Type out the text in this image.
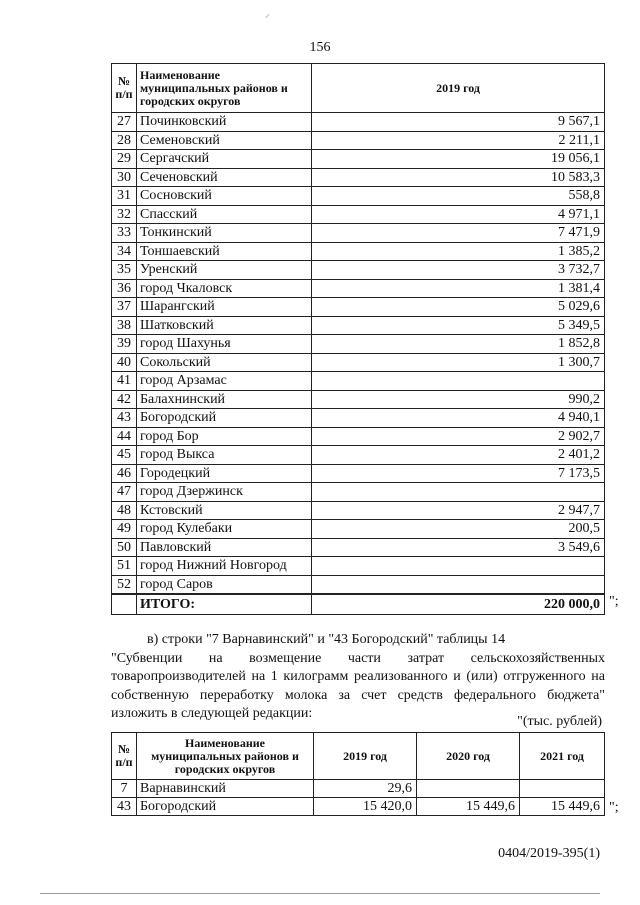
⸝
156
№ п/п	Наименование муниципальных районов и городских округов	2019 год
27	Починковский	9 567,1
28	Семеновский	2 211,1
29	Сергачский	19 056,1
30	Сеченовский	10 583,3
31	Сосновский	558,8
32	Спасский	4 971,1
33	Тонкинский	7 471,9
34	Тоншаевский	1 385,2
35	Уренский	3 732,7
36	город Чкаловск	1 381,4
37	Шарангский	5 029,6
38	Шатковский	5 349,5
39	город Шахунья	1 852,8
40	Сокольский	1 300,7
41	город Арзамас	
42	Балахнинский	990,2
43	Богородский	4 940,1
44	город Бор	2 902,7
45	город Выкса	2 401,2
46	Городецкий	7 173,5
47	город Дзержинск	
48	Кстовский	2 947,7
49	город Кулебаки	200,5
50	Павловский	3 549,6
51	город Нижний Новгород	
52	город Саров	
	ИТОГО:	220 000,0 ";
в) строки "7 Варнавинский" и "43 Богородский" таблицы 14
"Субвенции на возмещение части затрат сельскохозяйственных товаропроизводителей на 1 килограмм реализованного и (или) отгруженного на собственную переработку молока за счет средств федерального бюджета" изложить в следующей редакции:
"(тыс. рублей)
№ п/п	Наименование муниципальных районов и городских округов	2019 год	2020 год	2021 год
7	Варнавинский	29,6		
43	Богородский	15 420,0	15 449,6	15 449,6 ";
0404/2019-395(1)
